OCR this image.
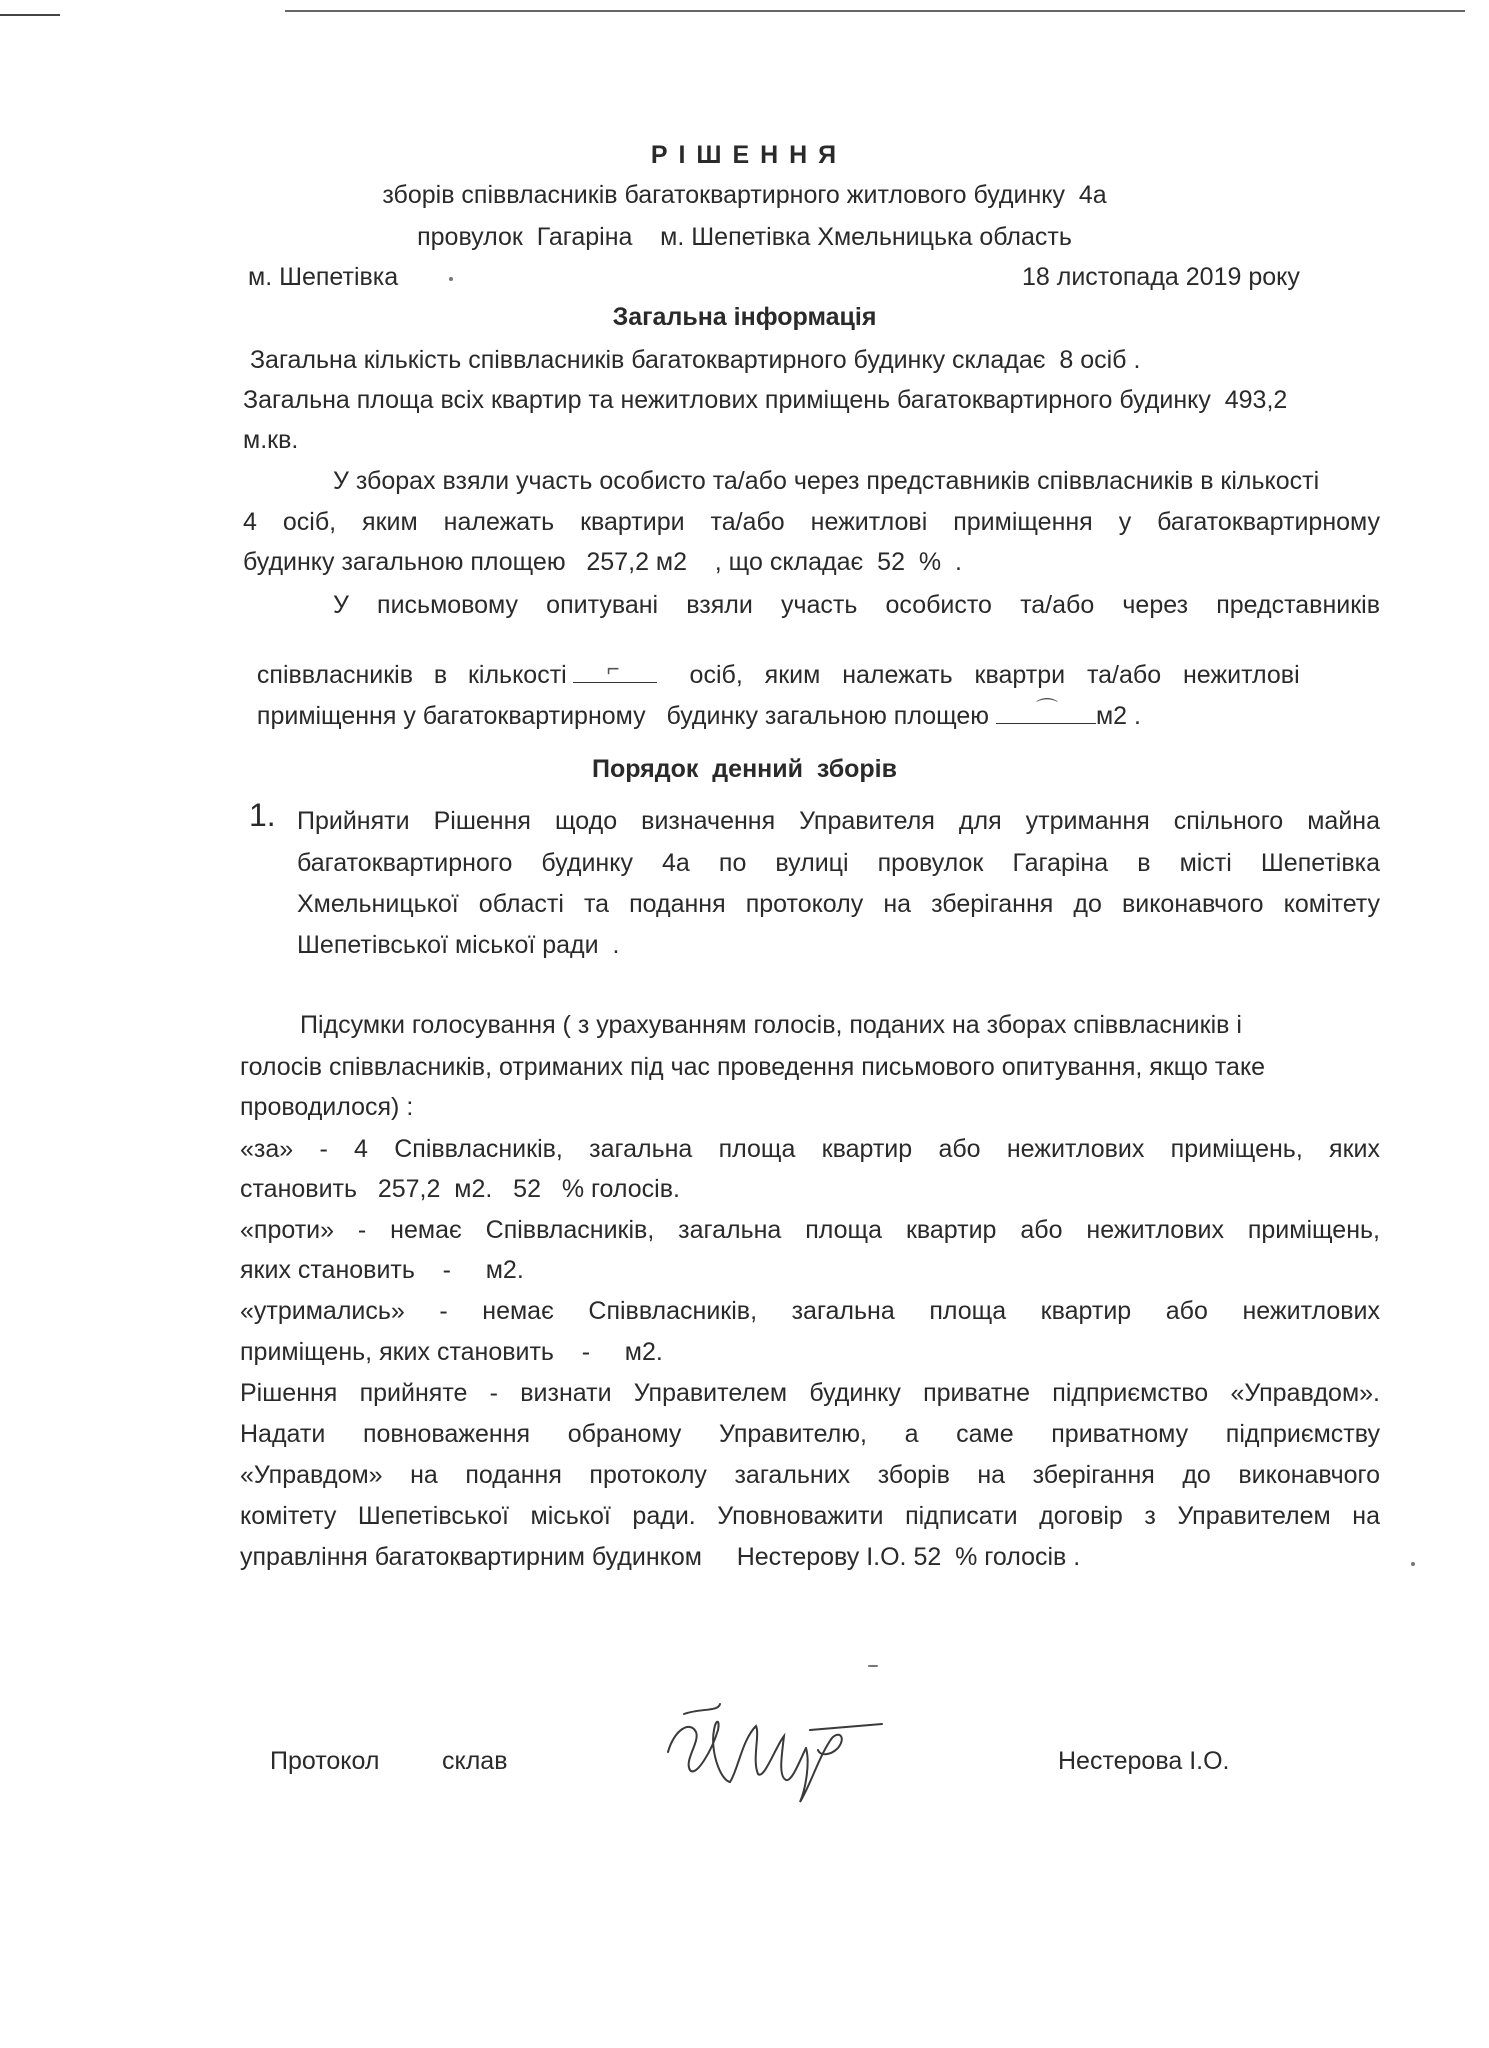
Р І Ш Е Н Н Я
зборів співвласників багатоквартирного житлового будинку  4а
провулок  Гагаріна    м. Шепетівка Хмельницька область
м. Шепетівка	18 листопада 2019 року
Загальна інформація
Загальна кількість співвласників багатоквартирного будинку складає  8 осіб .
Загальна площа всіх квартир та нежитлових приміщень багатоквартирного будинку  493,2
м.кв.
У зборах взяли участь особисто та/або через представників співвласників в кількості
4 осіб, яким належать квартири та/або нежитлові приміщення у багатоквартирному
будинку загальною площею   257,2 м2    , що складає  52  %  .
У письмовому опитувані взяли участь особисто та/або через представників

співвласників   в   кількості ⌐ осіб,  яким  належать  квартри  та/або  нежитлові

приміщення у багатоквартирному   будинку загальною площею ⌒ м2 .

Порядок  денний  зборів
1. Прийняти Рішення щодо визначення Управителя для утримання спільного майна
багатоквартирного будинку 4а по вулиці провулок Гагаріна в місті Шепетівка
Хмельницької області та подання протоколу на зберігання до виконавчого комітету
Шепетівської міської ради  .
Підсумки голосування ( з урахуванням голосів, поданих на зборах співвласників і
голосів співвласників, отриманих під час проведення письмового опитування, якщо таке
проводилося) :
«за» - 4 Співвласників, загальна площа квартир або нежитлових приміщень, яких
становить   257,2  м2.   52   % голосів.
«проти» - немає Співвласників, загальна площа квартир або нежитлових приміщень,
яких становить    -     м2.
«утримались» - немає Співвласників, загальна площа квартир або нежитлових
приміщень, яких становить    -     м2.
Рішення прийняте - визнати Управителем будинку приватне підприємство «Управдом».
Надати повноваження обраному Управителю, а саме приватному підприємству
«Управдом» на подання протоколу загальних зборів на зберігання до виконавчого
комітету Шепетівської міської ради. Уповноважити підписати договір з Управителем на
управління багатоквартирним будинком     Нестерову І.О. 52  % голосів .
Протокол	склав	Нестерова І.О.
